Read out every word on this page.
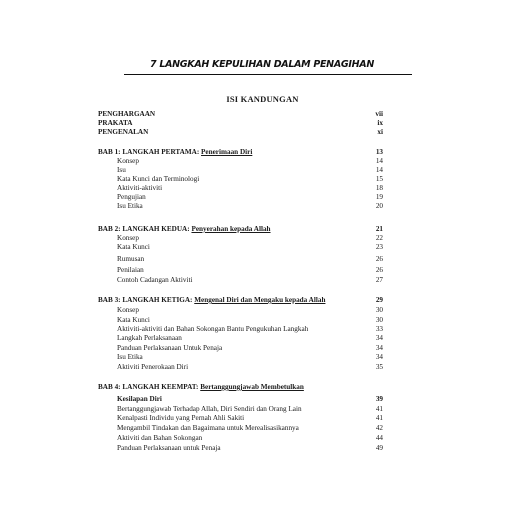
7 LANGKAH KEPULIHAN DALAM PENAGIHAN
ISI KANDUNGAN
PENGHARGAAN	vii
PRAKATA	ix
PENGENALAN	xi
BAB 1: LANGKAH PERTAMA: Penerimaan Diri	13
Konsep	14
Isu	14
Kata Kunci dan Terminologi	15
Aktiviti-aktiviti	18
Pengujian	19
Isu Etika	20
BAB 2: LANGKAH KEDUA: Penyerahan kepada Allah	21
Konsep	22
Kata Kunci	23
Rumusan	26
Penilaian	26
Contoh Cadangan Aktiviti	27
BAB 3: LANGKAH KETIGA: Mengenal Diri dan Mengaku kepada Allah	29
Konsep	30
Kata Kunci	30
Aktiviti-aktiviti dan Bahan Sokongan Bantu Pengukuhan Langkah	33
Langkah Perlaksanaan	34
Panduan Perlaksanaan Untuk Penaja	34
Isu Etika	34
Aktiviti Penerokaan Diri	35
BAB 4: LANGKAH KEEMPAT: Bertanggungjawab Membetulkan
Kesilapan Diri	39
Bertanggungjawab Terhadap Allah, Diri Sendiri dan Orang Lain	41
Kenalpasti Individu yang Pernah Ahli Sakiti	41
Mengambil Tindakan dan Bagaimana untuk Merealisasikannya	42
Aktiviti dan Bahan Sokongan	44
Panduan Perlaksanaan untuk Penaja	49
